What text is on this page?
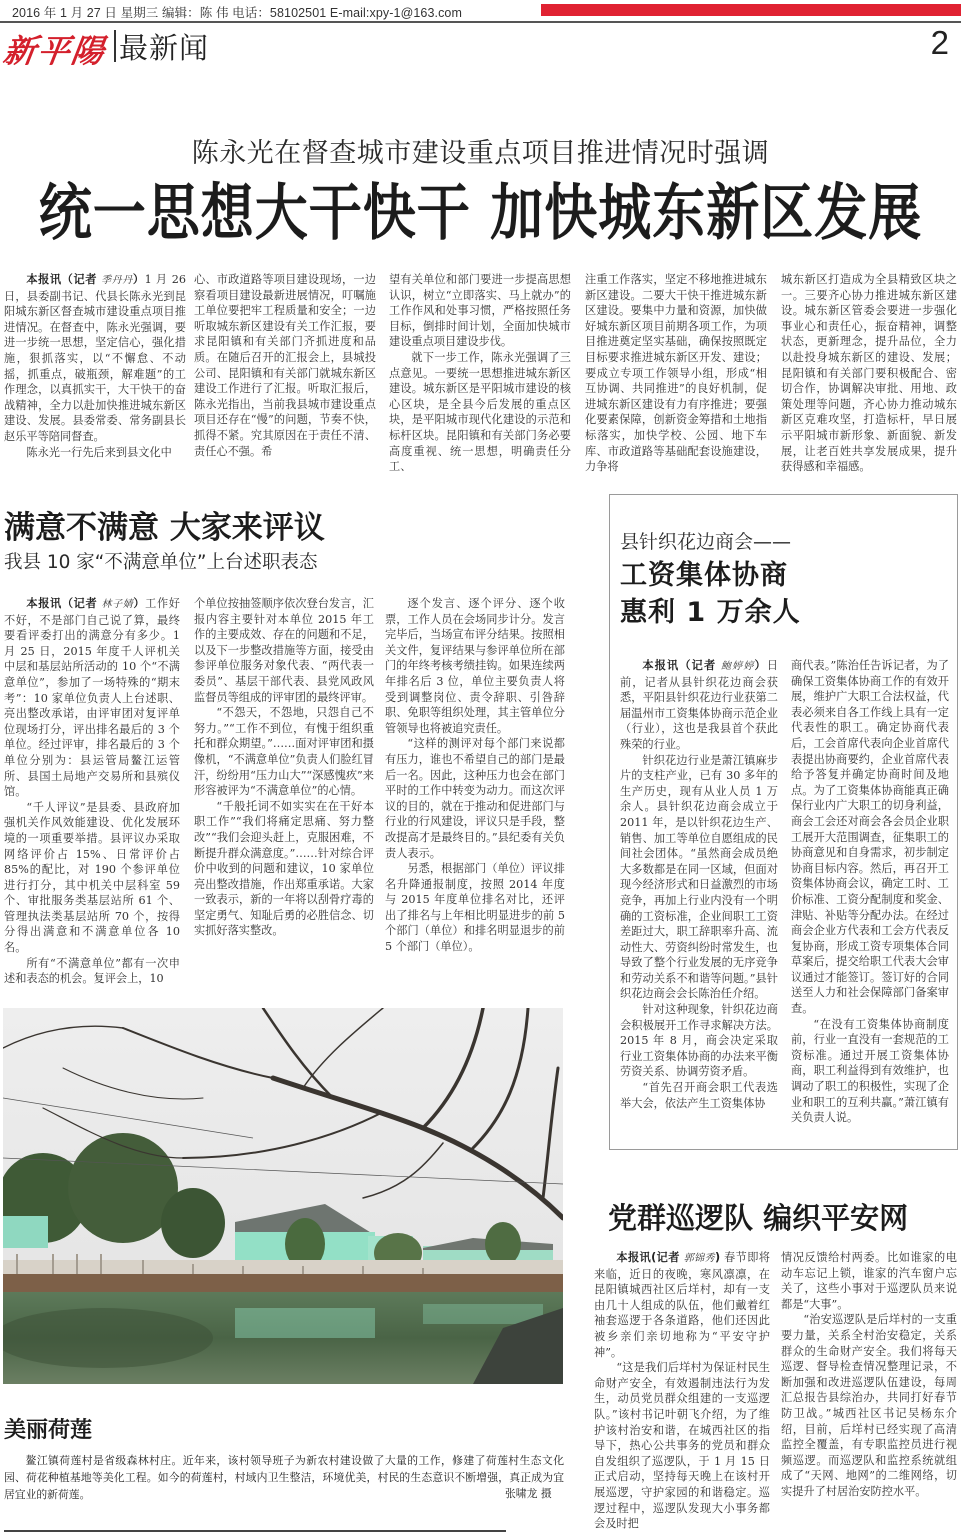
2016 年 1 月 27 日 星期三 编辑：陈 伟 电话：58102501 E-mail:xpy-1@163.com
新平陽 最新闻	2
陈永光在督查城市建设重点项目推进情况时强调
统一思想大干快干 加快城东新区发展

本报讯（记者 季丹丹）1 月 26 日，县委副书记、代县长陈永光到昆阳城东新区督查城市建设重点项目推进情况。在督查中，陈永光强调，要进一步统一思想，坚定信心，强化措施，狠抓落实，以“不懈怠、不动摇，抓重点，破瓶颈，解难题”的工作理念，以真抓实干，大干快干的奋战精神，全力以赴加快推进城东新区建设、发展。县委常委、常务副县长赵乐平等陪同督查。

陈永光一行先后来到县文化中

心、市政道路等项目建设现场，一边察看项目建设最新进展情况，叮嘱施工单位要把牢工程质量和安全；一边听取城东新区建设有关工作汇报，要求昆阳镇和有关部门齐抓进度和品质。在随后召开的汇报会上，县城投公司、昆阳镇和有关部门就城东新区建设工作进行了汇报。听取汇报后，陈永光指出，当前我县城市建设重点项目还存在“慢”的问题，节奏不快，抓得不紧。究其原因在于责任不清、责任心不强。希

望有关单位和部门要进一步提高思想认识，树立“立即落实、马上就办”的工作作风和处事习惯，严格按照任务目标，倒排时间计划，全面加快城市建设重点项目建设步伐。

就下一步工作，陈永光强调了三点意见。一要统一思想推进城东新区建设。城东新区是平阳城市建设的核心区块，是全县今后发展的重点区块，是平阳城市现代化建设的示范和标杆区块。昆阳镇和有关部门务必要高度重视、统一思想，明确责任分工、

注重工作落实，坚定不移地推进城东新区建设。二要大干快干推进城东新区建设。要集中力量和资源，加快做好城东新区项目前期各项工作，为项目推进奠定坚实基础，确保按照既定目标要求推进城东新区开发、建设；要成立专项工作领导小组，形成“相互协调、共同推进”的良好机制，促进城东新区建设有力有序推进；要强化要素保障，创新资金筹措和土地指标落实，加快学校、公园、地下车库、市政道路等基础配套设施建设，力争将

城东新区打造成为全县精致区块之一。三要齐心协力推进城东新区建设。城东新区管委会要进一步强化事业心和责任心，振奋精神，调整状态，更新理念，提升品位，全力以赴投身城东新区的建设、发展；昆阳镇和有关部门要积极配合、密切合作，协调解决审批、用地、政策处理等问题，齐心协力推动城东新区克难攻坚，打造标杆，早日展示平阳城市新形象、新面貌、新发展，让老百姓共享发展成果，提升获得感和幸福感。

满意不满意 大家来评议
我县 10 家“不满意单位”上台述职表态

本报讯（记者 林子婧）工作好不好，不是部门自己说了算，最终要看评委打出的满意分有多少。1 月 25 日，2015 年度千人评机关中层和基层站所活动的 10 个“不满意单位”，参加了一场特殊的“期末考”：10 家单位负责人上台述职、亮出整改承诺，由评审团对复评单位现场打分，评出排名最后的 3 个单位。经过评审，排名最后的 3 个单位分别为：县运管局鳌江运管所、县国土局地产交易所和县殡仪馆。

“千人评议”是县委、县政府加强机关作风效能建设、优化发展环境的一项重要举措。县评议办采取网络评价占 15%、日常评价占 85%的配比，对 190 个参评单位进行打分，其中机关中层科室 59 个、审批服务类基层站所 61 个、管理执法类基层站所 70 个，按得分得出满意和不满意单位各 10 名。

所有“不满意单位”都有一次申述和表态的机会。复评会上，10

个单位按抽签顺序依次登台发言，汇报内容主要针对本单位 2015 年工作的主要成效、存在的问题和不足，以及下一步整改措施等方面，接受由参评单位服务对象代表、“两代表一委员”、基层干部代表、县党风政风监督员等组成的评审团的最终评审。

“不怨天，不怨地，只怨自己不努力。”“工作不到位，有愧于组织重托和群众期望。”……面对评审团和摄像机，“不满意单位”负责人们脸红冒汗，纷纷用“压力山大”“深感愧疚”来形容被评为“不满意单位”的心情。

“千般托词不如实实在在干好本职工作”“我们将痛定思痛、努力整改”“我们会迎头赶上，克服困难，不断提升群众满意度。”……针对综合评价中收到的问题和建议，10 家单位亮出整改措施，作出郑重承诺。大家一致表示，新的一年将以刮骨疗毒的坚定勇气、知耻后勇的必胜信念、切实抓好落实整改。

逐个发言、逐个评分、逐个收票，工作人员在会场同步计分。发言完毕后，当场宣布评分结果。按照相关文件，复评结果与参评单位所在部门的年终考核考绩挂钩。如果连续两年排名后 3 位，单位主要负责人将受到调整岗位、责令辞职、引咎辞职、免职等组织处理，其主管单位分管领导也将被追究责任。

“这样的测评对每个部门来说都有压力，谁也不希望自己的部门是最后一名。因此，这种压力也会在部门平时的工作中转变为动力。而这次评议的目的，就在于推动和促进部门与行业的行风建设，评议只是手段，整改提高才是最终目的。”县纪委有关负责人表示。

另悉，根据部门（单位）评议排名升降通报制度，按照 2014 年度与 2015 年度单位排名对比，还评出了排名与上年相比明显进步的前 5 个部门（单位）和排名明显退步的前 5 个部门（单位）。

县针织花边商会——
工资集体协商
惠利 1 万余人

本报讯（记者 鲍婷婷）日前，记者从县针织花边商会获悉，平阳县针织花边行业获第二届温州市工资集体协商示范企业（行业），这也是我县首个获此殊荣的行业。

针织花边行业是萧江镇麻步片的支柱产业，已有 30 多年的生产历史，现有从业人员 1 万余人。县针织花边商会成立于 2011 年，是以针织花边生产、销售、加工等单位自愿组成的民间社会团体。“虽然商会成员绝大多数都是在同一区域，但面对现今经济形式和日益激烈的市场竞争，再加上行业内没有一个明确的工资标准，企业间职工工资差距过大，职工辞职率升高、流动性大、劳资纠纷时常发生，也导致了整个行业发展的无序竞争和劳动关系不和谐等问题。”县针织花边商会会长陈治任介绍。

针对这种现象，针织花边商会积极展开工作寻求解决方法。2015 年 8 月，商会决定采取行业工资集体协商的办法来平衡劳资关系、协调劳资矛盾。

“首先召开商会职工代表选举大会，依法产生工资集体协

商代表。”陈治任告诉记者，为了确保工资集体协商工作的有效开展，维护广大职工合法权益，代表必须来自各工作线上具有一定代表性的职工。确定协商代表后，工会首席代表向企业首席代表提出协商要约，企业首席代表给予答复并确定协商时间及地点。为了工资集体协商能真正确保行业内广大职工的切身利益，商会工会还对商会各会员企业职工展开大范围调查，征集职工的协商意见和自身需求，初步制定协商目标内容。然后，再召开工资集体协商会议，确定工时、工价标准、工资分配制度和奖金、津贴、补贴等分配办法。在经过商会企业方代表和工会方代表反复协商，形成工资专项集体合同草案后，提交给职工代表大会审议通过才能签订。签订好的合同送至人力和社会保障部门备案审查。

“在没有工资集体协商制度前，行业一直没有一套规范的工资标准。通过开展工资集体协商，职工利益得到有效维护，也调动了职工的积极性，实现了企业和职工的互利共赢。”萧江镇有关负责人说。

美丽荷莲
鳌江镇荷莲村是省级森林村庄。近年来，该村领导班子为新农村建设做了大量的工作，修建了荷莲村生态文化园、荷花种植基地等美化工程。如今的荷莲村，村域内卫生整洁，环境优美，村民的生态意识不断增强，真正成为宜居宜业的新荷莲。	张啸龙 摄
党群巡逻队 编织平安网

本报讯(记者 郭锦秀) 春节即将来临，近日的夜晚，寒风凛凛，在昆阳镇城西社区后垟村，却有一支由几十人组成的队伍，他们戴着红袖套巡逻于各条道路，他们还因此被乡亲们亲切地称为“平安守护神”。

“这是我们后垟村为保证村民生命财产安全，有效遏制违法行为发生，动员党员群众组建的一支巡逻队。”该村书记叶朝飞介绍，为了维护该村治安和谐，在城西社区的指导下，热心公共事务的党员和群众自发组织了巡逻队，于 1 月 15 日正式启动，坚持每天晚上在该村开展巡逻，守护家园的和谐稳定。巡逻过程中，巡逻队发现大小事务都会及时把

情况反馈给村两委。比如谁家的电动车忘记上锁，谁家的汽车窗户忘关了，这些小事对于巡逻队员来说都是“大事”。

“治安巡逻队是后垟村的一支重要力量，关系全村治安稳定，关系群众的生命财产安全。我们将每天巡逻、督导检查情况整理记录，不断加强和改进巡逻队伍建设，每周汇总报告县综治办，共同打好春节防卫战。”城西社区书记吴杨东介绍，目前，后垟村已经实现了高清监控全覆盖，有专职监控员进行视频巡逻。而巡逻队和监控系统就组成了“天网、地网”的二维网络，切实提升了村居治安防控水平。
